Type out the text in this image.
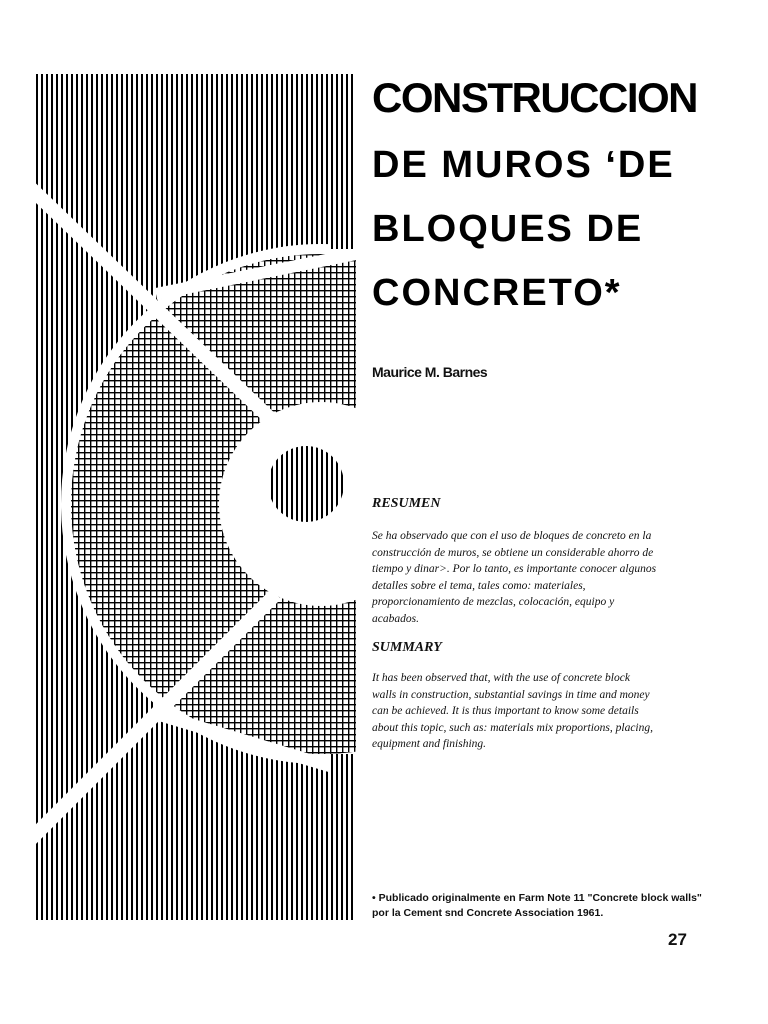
CONSTRUCCION
DE MUROS ‘DE
BLOQUES DE
CONCRETO*
Maurice M. Barnes
RESUMEN
Se ha observado que con el uso de bloques de concreto en la construcción de muros, se obtiene un considerable ahorro de tiempo y dinar>. Por lo tanto, es importante conocer algunos detalles sobre el tema, tales como: materiales, proporcionamiento de mezclas, colocación, equipo y acabados.
SUMMARY
It has been observed that, with the use of concrete block walls in construction, substantial savings in time and money can be achieved. It is thus important to know some details about this topic, such as: materials mix proportions, placing, equipment and finishing.
• Publicado originalmente en Farm Note 11 "Concrete block walls" por la Cement snd Concrete Association 1961.
27
